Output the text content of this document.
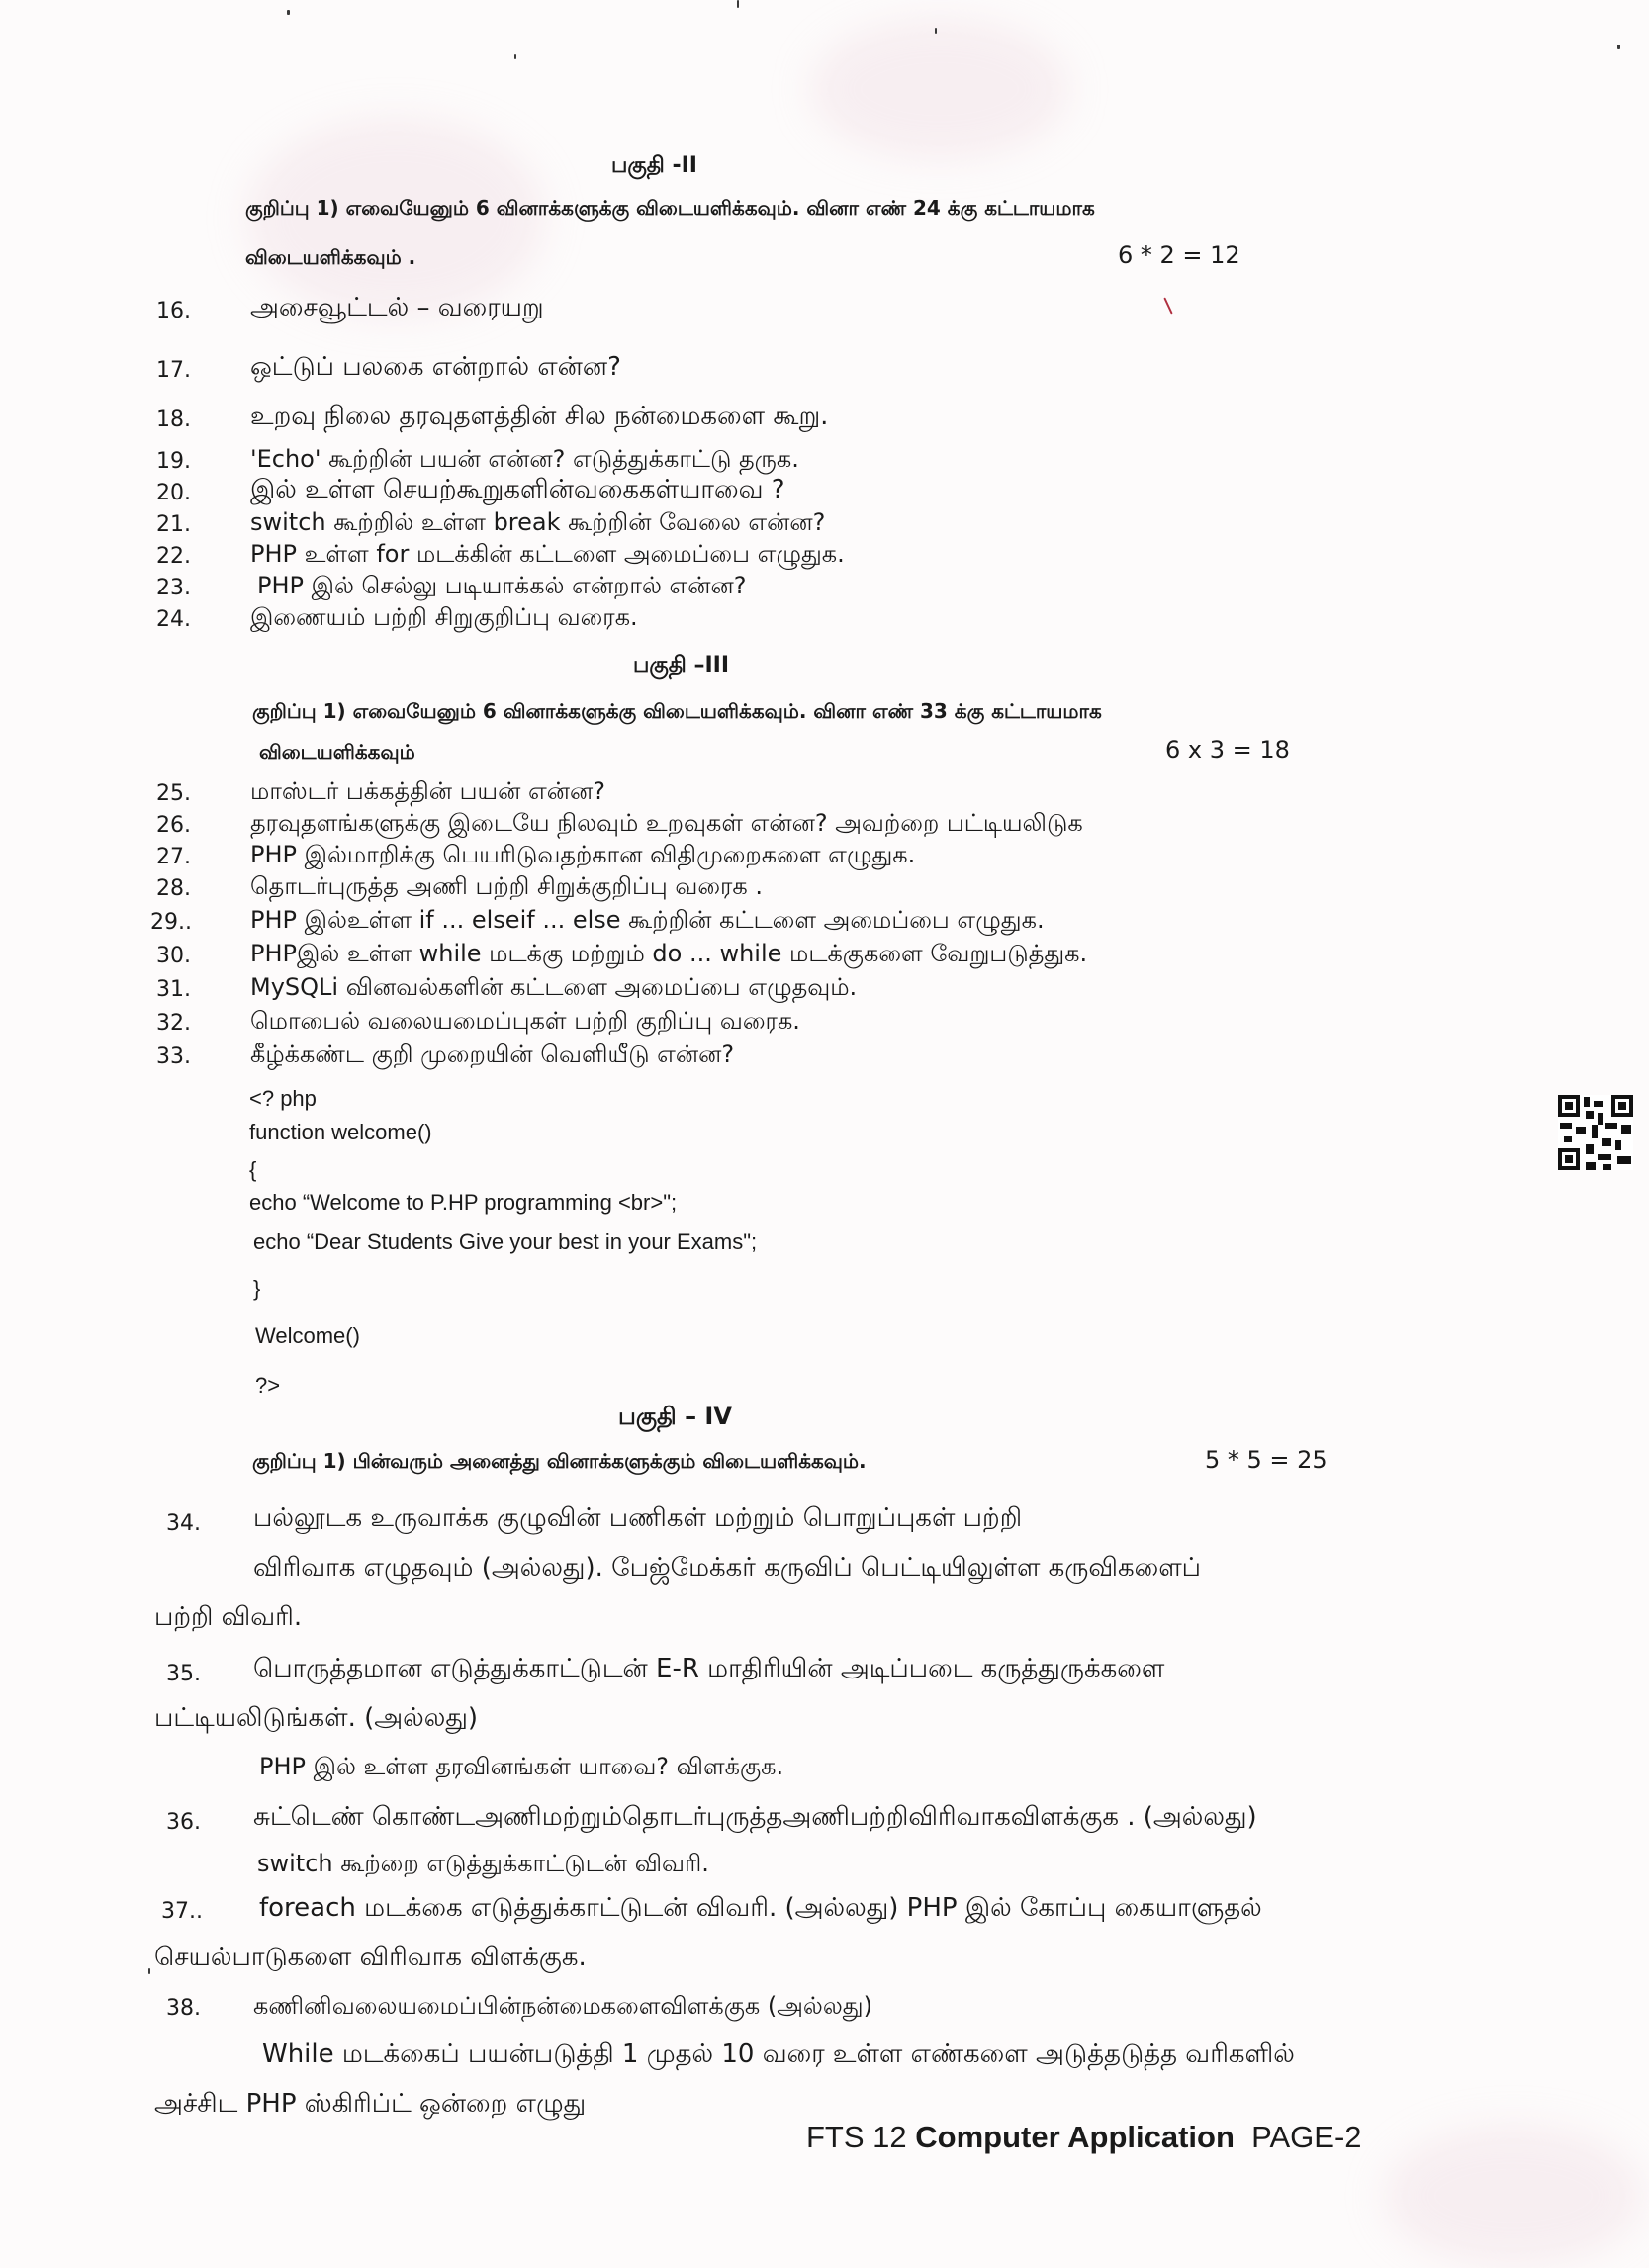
பகுதி -II
குறிப்பு 1) எவையேனும் 6 வினாக்களுக்கு விடையளிக்கவும். வினா எண் 24 க்கு கட்டாயமாக
விடையளிக்கவும் .	6 * 2 = 12
16. அசைவூட்டல் – வரையறு
17. ஒட்டுப் பலகை என்றால் என்ன?
18. உறவு நிலை தரவுதளத்தின் சில நன்மைகளை கூறு.
19.	'Echo' கூற்றின் பயன் என்ன? எடுத்துக்காட்டு தருக.
20. இல் உள்ள செயற்கூறுகளின்வகைகள்யாவை ?
21.	switch கூற்றில் உள்ள break கூற்றின் வேலை என்ன?
22.	PHP உள்ள for மடக்கின் கட்டளை அமைப்பை எழுதுக.
23.	PHP இல் செல்லு படியாக்கல் என்றால் என்ன?
24.	இணையம் பற்றி சிறுகுறிப்பு வரைக.
பகுதி –III
குறிப்பு 1) எவையேனும் 6 வினாக்களுக்கு விடையளிக்கவும். வினா எண் 33 க்கு கட்டாயமாக
விடையளிக்கவும்	6 x 3 = 18
25.	மாஸ்டர் பக்கத்தின் பயன் என்ன?
26.	தரவுதளங்களுக்கு இடையே நிலவும் உறவுகள் என்ன? அவற்றை பட்டியலிடுக
27.	PHP இல்மாறிக்கு பெயரிடுவதற்கான விதிமுறைகளை எழுதுக.
28.	தொடர்புருத்த அணி பற்றி சிறுக்குறிப்பு வரைக .
29.. PHP இல்உள்ள if ... elseif ... else கூற்றின் கட்டளை அமைப்பை எழுதுக.
30.	PHPஇல் உள்ள while மடக்கு மற்றும் do ... while மடக்குகளை வேறுபடுத்துக.
31.	MySQLi வினவல்களின் கட்டளை அமைப்பை எழுதவும்.
32.	மொபைல் வலையமைப்புகள் பற்றி குறிப்பு வரைக.
33.	கீழ்க்கண்ட குறி முறையின் வெளியீடு என்ன?
<? php
function welcome()
{
echo “Welcome to P.HP programming <br>";
echo “Dear Students Give your best in your Exams";
}
Welcome()
?>
பகுதி – IV
குறிப்பு 1) பின்வரும் அனைத்து வினாக்களுக்கும் விடையளிக்கவும்.	5 * 5 = 25
34. பல்லூடக உருவாக்க குழுவின் பணிகள் மற்றும் பொறுப்புகள் பற்றி
விரிவாக எழுதவும் (அல்லது). பேஜ்மேக்கர் கருவிப் பெட்டியிலுள்ள கருவிகளைப்
பற்றி விவரி.
35. பொருத்தமான எடுத்துக்காட்டுடன் E-R மாதிரியின் அடிப்படை கருத்துருக்களை
பட்டியலிடுங்கள். (அல்லது)
PHP இல் உள்ள தரவினங்கள் யாவை? விளக்குக.
36. சுட்டெண் கொண்டஅணிமற்றும்தொடர்புருத்தஅணிபற்றிவிரிவாகவிளக்குக . (அல்லது)
switch கூற்றை எடுத்துக்காட்டுடன் விவரி.
37.. foreach மடக்கை எடுத்துக்காட்டுடன் விவரி. (அல்லது) PHP இல் கோப்பு கையாளுதல்
செயல்பாடுகளை விரிவாக விளக்குக.
38. கணினிவலையமைப்பின்நன்மைகளைவிளக்குக (அல்லது)
While மடக்கைப் பயன்படுத்தி 1 முதல் 10 வரை உள்ள எண்களை அடுத்தடுத்த வரிகளில்
அச்சிட PHP ஸ்கிரிப்ட் ஒன்றை எழுது
FTS 12 Computer Application  PAGE-2
